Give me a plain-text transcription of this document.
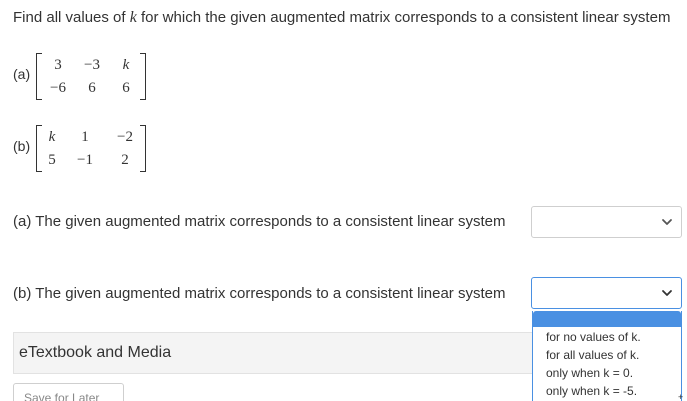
Find all values of k for which the given augmented matrix corresponds to a consistent linear system
(a)
3	−3	k
−6	6	6
(b)
k	1	−2
5	−1	2
(a) The given augmented matrix corresponds to a consistent linear system
(b) The given augmented matrix corresponds to a consistent linear system
eTextbook and Media
Save for Later
for no values of k.
for all values of k.
only when k = 0.
only when k = -5.	+
